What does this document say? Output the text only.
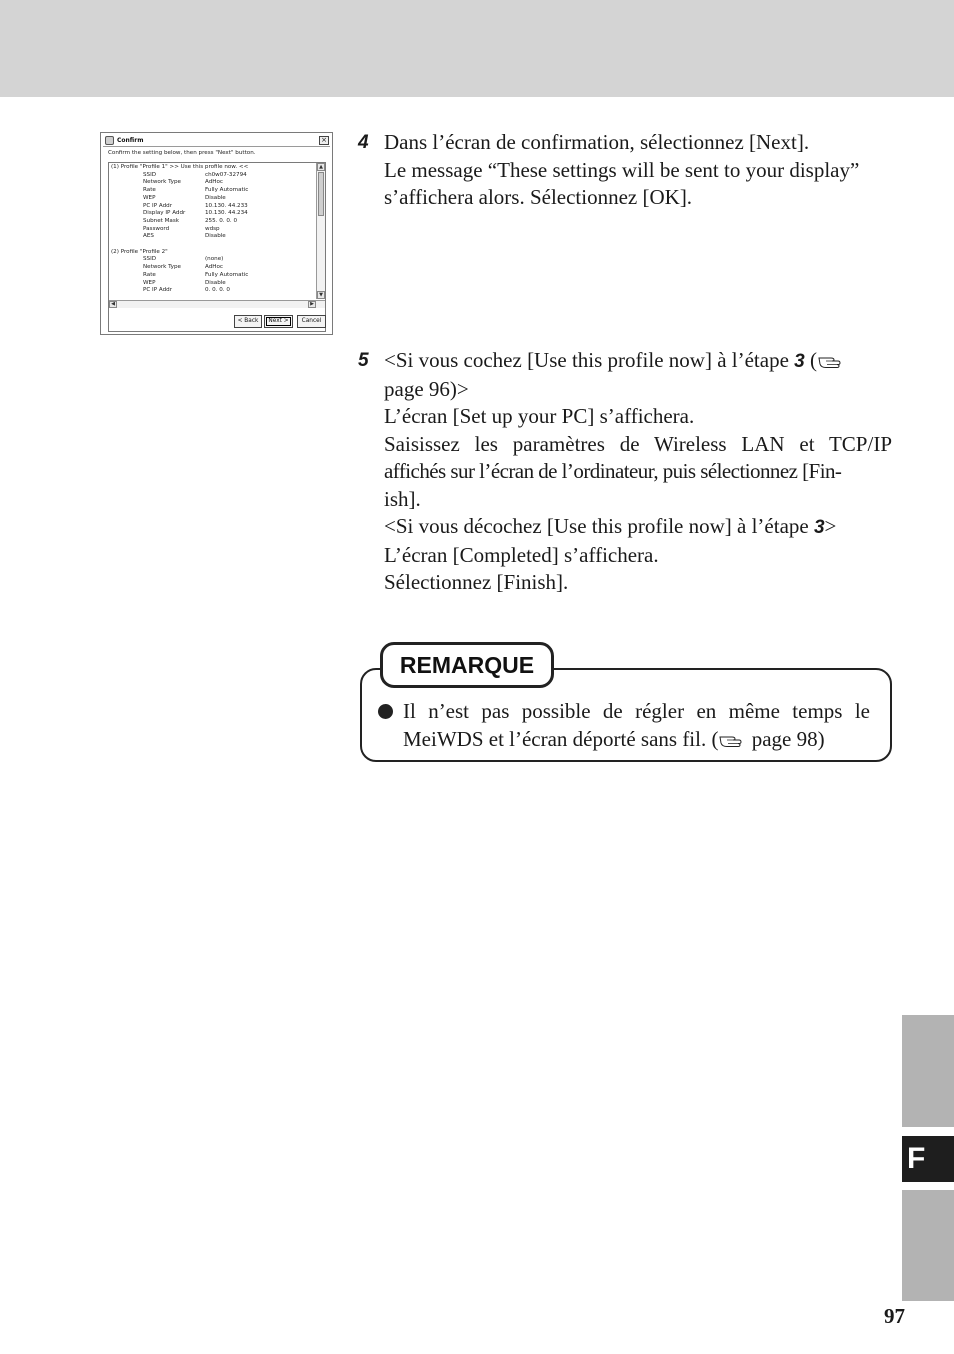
Confirm	×
Confirm the setting below, then press "Next" button.
(1) Profile "Profile 1" >> Use this profile now. <<
SSID	ch0w07-32794
Network Type	AdHoc
Rate	Fully Automatic
WEP	Disable
PC IP Addr	10.130. 44.233
Display IP Addr	10.130. 44.234
Subnet Mask	255. 0. 0. 0
Password	wdsp
AES	Disable
(2) Profile "Profile 2"
SSID	(none)
Network Type	AdHoc
Rate	Fully Automatic
WEP	Disable
PC IP Addr	0. 0. 0. 0
▲
▼
◀	▶
< Back	Next >	Cancel
4 Dans l’écran de confirmation, sélectionnez [Next].

Le message “These settings will be sent to your display”

s’affichera alors. Sélectionnez [OK].

5 <Si vous cochez [Use this profile now] à l’étape 3 (

page 96)>

L’écran [Set up your PC] s’affichera.

Saisissez les paramètres de Wireless LAN et TCP/IP

affichés sur l’écran de l’ordinateur, puis sélectionnez [Fin-

ish].

<Si vous décochez [Use this profile now] à l’étape 3>

L’écran [Completed] s’affichera.

Sélectionnez [Finish].

REMARQUE

Il n’est pas possible de régler en même temps le

MeiWDS et l’écran déporté sans fil. ( page 98)

F
97
